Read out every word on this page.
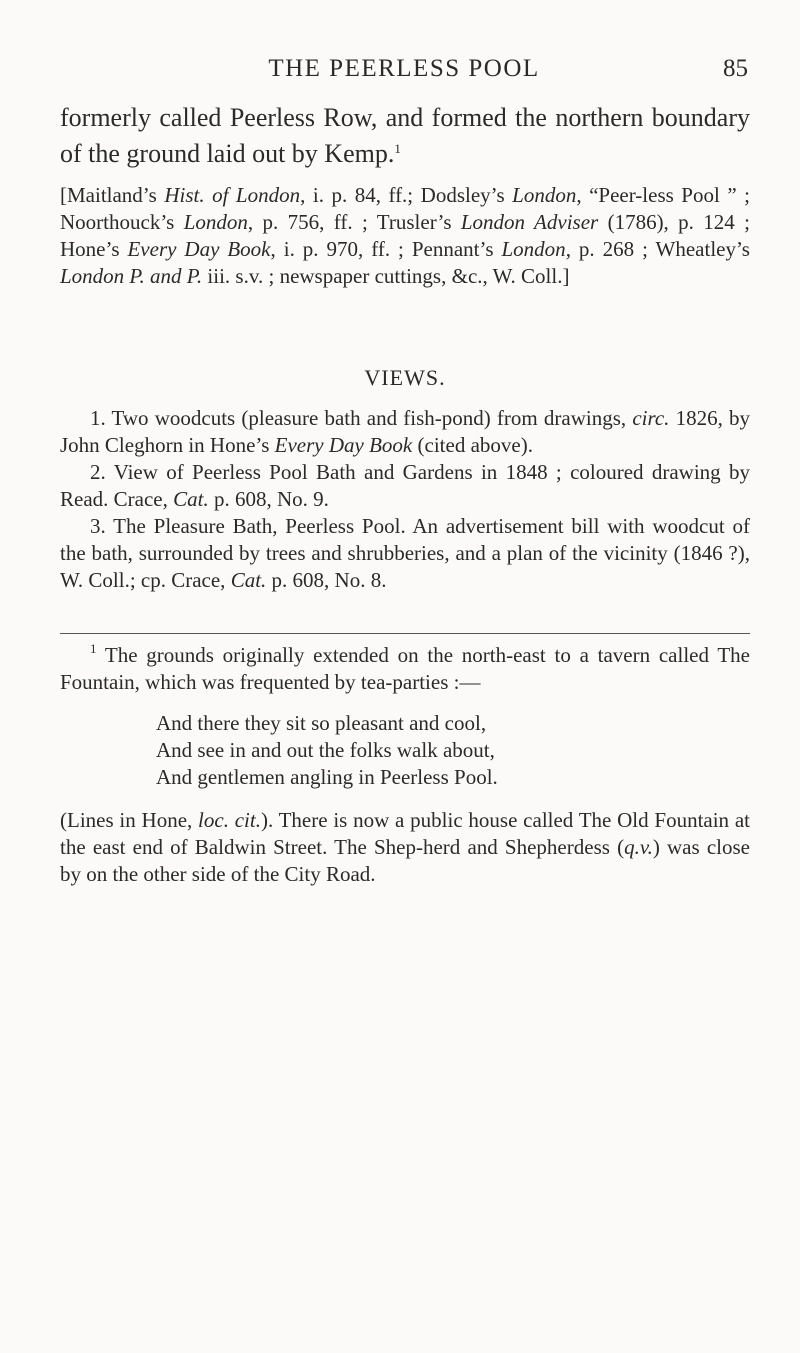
THE PEERLESS POOL	85

formerly called Peerless Row, and formed the northern boundary of the ground laid out by Kemp.$^1$

[Maitland’s Hist. of London, i. p. 84, ff.; Dodsley’s London, “Peer-less Pool ” ; Noorthouck’s London, p. 756, ff. ; Trusler’s London Adviser (1786), p. 124 ; Hone’s Every Day Book, i. p. 970, ff. ; Pennant’s London, p. 268 ; Wheatley’s London P. and P. iii. s.v. ; newspaper cuttings, &c., W. Coll.]

VIEWS.

1. Two woodcuts (pleasure bath and fish-pond) from drawings, circ. 1826, by John Cleghorn in Hone’s Every Day Book (cited above).

2. View of Peerless Pool Bath and Gardens in 1848 ; coloured drawing by Read. Crace, Cat. p. 608, No. 9.

3. The Pleasure Bath, Peerless Pool. An advertisement bill with woodcut of the bath, surrounded by trees and shrubberies, and a plan of the vicinity (1846 ?), W. Coll.; cp. Crace, Cat. p. 608, No. 8.

$^1$ The grounds originally extended on the north-east to a tavern called The Fountain, which was frequented by tea-parties :—

And there they sit so pleasant and cool,
And see in and out the folks walk about,
And gentlemen angling in Peerless Pool.

(Lines in Hone, loc. cit.). There is now a public house called The Old Fountain at the east end of Baldwin Street. The Shep-herd and Shepherdess (q.v.) was close by on the other side of the City Road.
